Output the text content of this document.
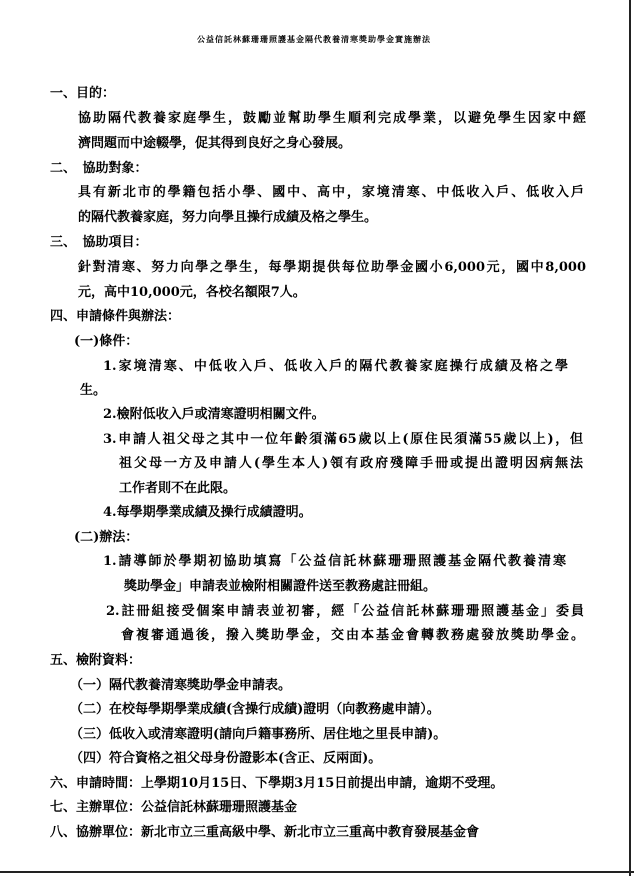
公益信託林蘇珊珊照護基金隔代教養清寒獎助學金實施辦法
一、目的：
協助隔代教養家庭學生，鼓勵並幫助學生順利完成學業，以避免學生因家中經
濟問題而中途輟學，促其得到良好之身心發展。
二、　協助對象：
具有新北市的學籍包括小學、國中、高中，家境清寒、中低收入戶、低收入戶
的隔代教養家庭，努力向學且操行成績及格之學生。
三、　協助項目：
針對清寒、努力向學之學生，每學期提供每位助學金國小6,000元，國中8,000
元，高中10,000元，各校名額限7人。
四、申請條件與辦法：
(一)條件：
1.家境清寒、中低收入戶、低收入戶的隔代教養家庭操行成績及格之學
生。
2.檢附低收入戶或清寒證明相關文件。
3.申請人祖父母之其中一位年齡須滿65歲以上(原住民須滿55歲以上)，但
祖父母一方及申請人(學生本人)領有政府殘障手冊或提出證明因病無法
工作者則不在此限。
4.每學期學業成績及操行成績證明。
(二)辦法：
1.請導師於學期初協助填寫「公益信託林蘇珊珊照護基金隔代教養清寒
獎助學金」申請表並檢附相關證件送至教務處註冊組。
2.註冊組接受個案申請表並初審，經「公益信託林蘇珊珊照護基金」委員
會複審通過後，撥入獎助學金，交由本基金會轉教務處發放獎助學金。
五、檢附資料：
（一）隔代教養清寒獎助學金申請表。
（二）在校每學期學業成績(含操行成績)證明（向教務處申請）。
（三）低收入或清寒證明(請向戶籍事務所、居住地之里長申請)。
（四）符合資格之祖父母身份證影本(含正、反兩面)。
六、申請時間：上學期10月15日、下學期3月15日前提出申請，逾期不受理。
七、主辦單位：公益信託林蘇珊珊照護基金
八、協辦單位：新北市立三重高級中學、新北市立三重高中教育發展基金會
